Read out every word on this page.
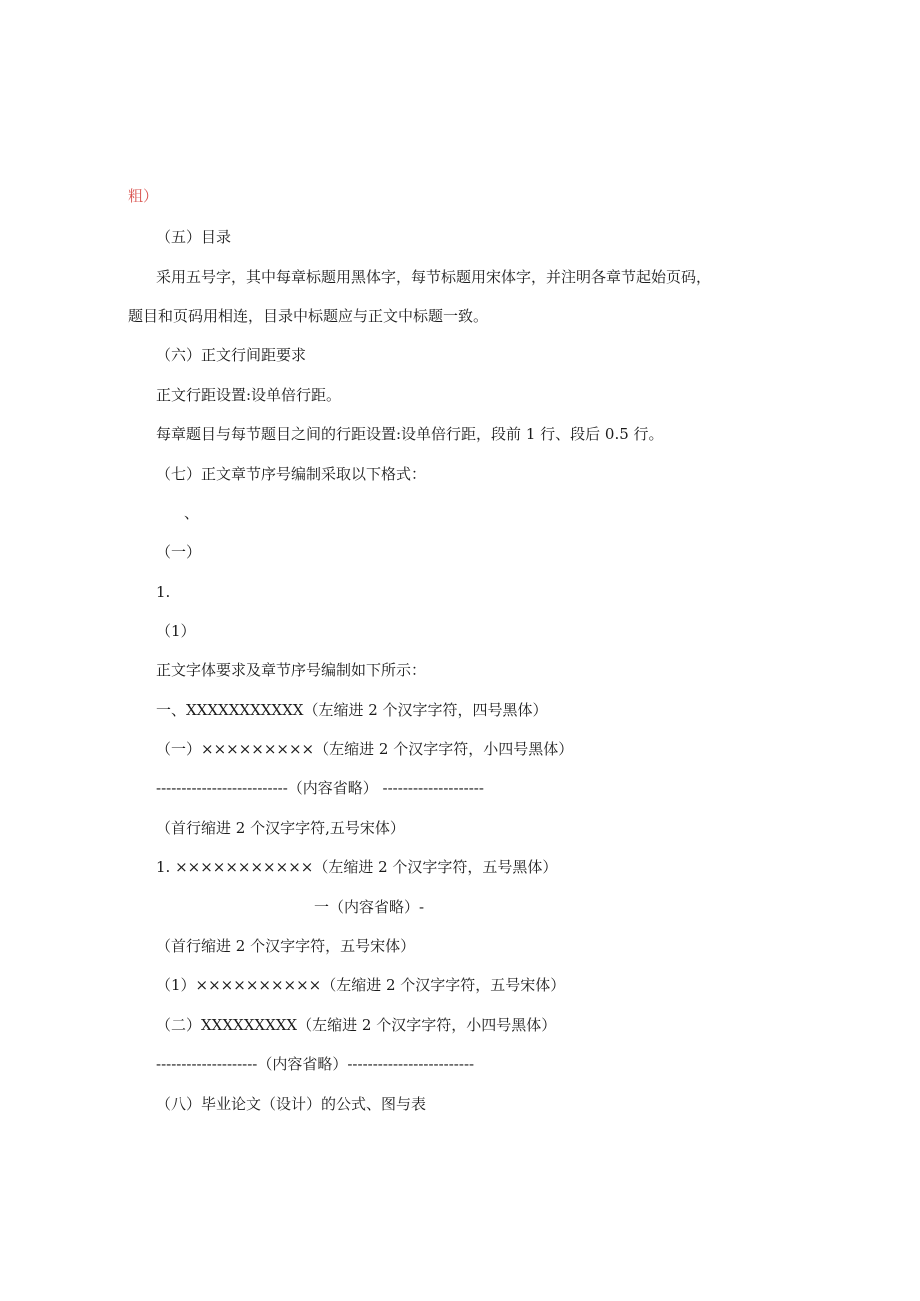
粗）
（五）目录
采用五号字，其中每章标题用黑体字，每节标题用宋体字，并注明各章节起始页码，
题目和页码用相连，目录中标题应与正文中标题一致。
（六）正文行间距要求
正文行距设置:设单倍行距。
每章题目与每节题目之间的行距设置:设单倍行距，段前 1 行、段后 0.5 行。
（七）正文章节序号编制采取以下格式：
、
（一）
1.
（1）
正文字体要求及章节序号编制如下所示：
一、XXXXXXXXXXX（左缩进 2 个汉字字符，四号黑体）
（一）×××××××××（左缩进 2 个汉字字符，小四号黑体）
--------------------------（内容省略） --------------------
（首行缩进 2 个汉字字符,五号宋体）
1. ×××××××××××（左缩进 2 个汉字字符，五号黑体）
一（内容省略）-
（首行缩进 2 个汉字字符，五号宋体）
（1）××××××××××（左缩进 2 个汉字字符，五号宋体）
（二）XXXXXXXXX（左缩进 2 个汉字字符，小四号黑体）
--------------------（内容省略）-------------------------
（八）毕业论文（设计）的公式、图与表
